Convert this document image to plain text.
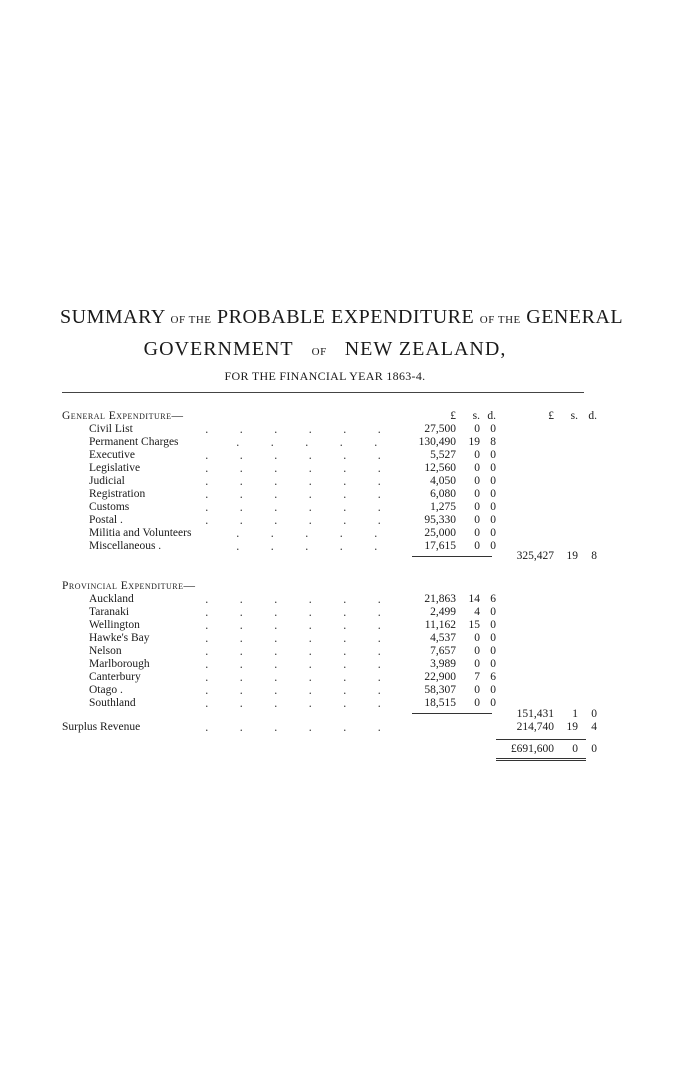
SUMMARY OF THE PROBABLE EXPENDITURE OF THE GENERAL
GOVERNMENT OF NEW ZEALAND,
FOR THE FINANCIAL YEAR 1863-4.
£	s. d.	£	s. d.
General Expenditure—
Civil List	......	27,500	0 0
Permanent Charges	..... 130,490	19 8
Executive	......	5,527	0 0
Legislative	......	12,560	0 0
Judicial	......	4,050	0 0
Registration	......	6,080	0 0
Customs	......	1,275	0 0
Postal .	......	95,330	0 0
Militia and Volunteers	.....	25,000	0 0
Miscellaneous .	.....	17,615	0 0
325,427	19	8
Provincial Expenditure—
Auckland	......	21,863	14 6
Taranaki	......	2,499	4 0
Wellington	......	11,162	15 0
Hawke's Bay	......	4,537	0 0
Nelson	......	7,657	0 0
Marlborough	......	3,989	0 0
Canterbury	......	22,900	7 6
Otago .	......	58,307	0 0
Southland	......	18,515	0 0
151,431	1	0
Surplus Revenue	......	214,740	19	4
£691,600	0	0
